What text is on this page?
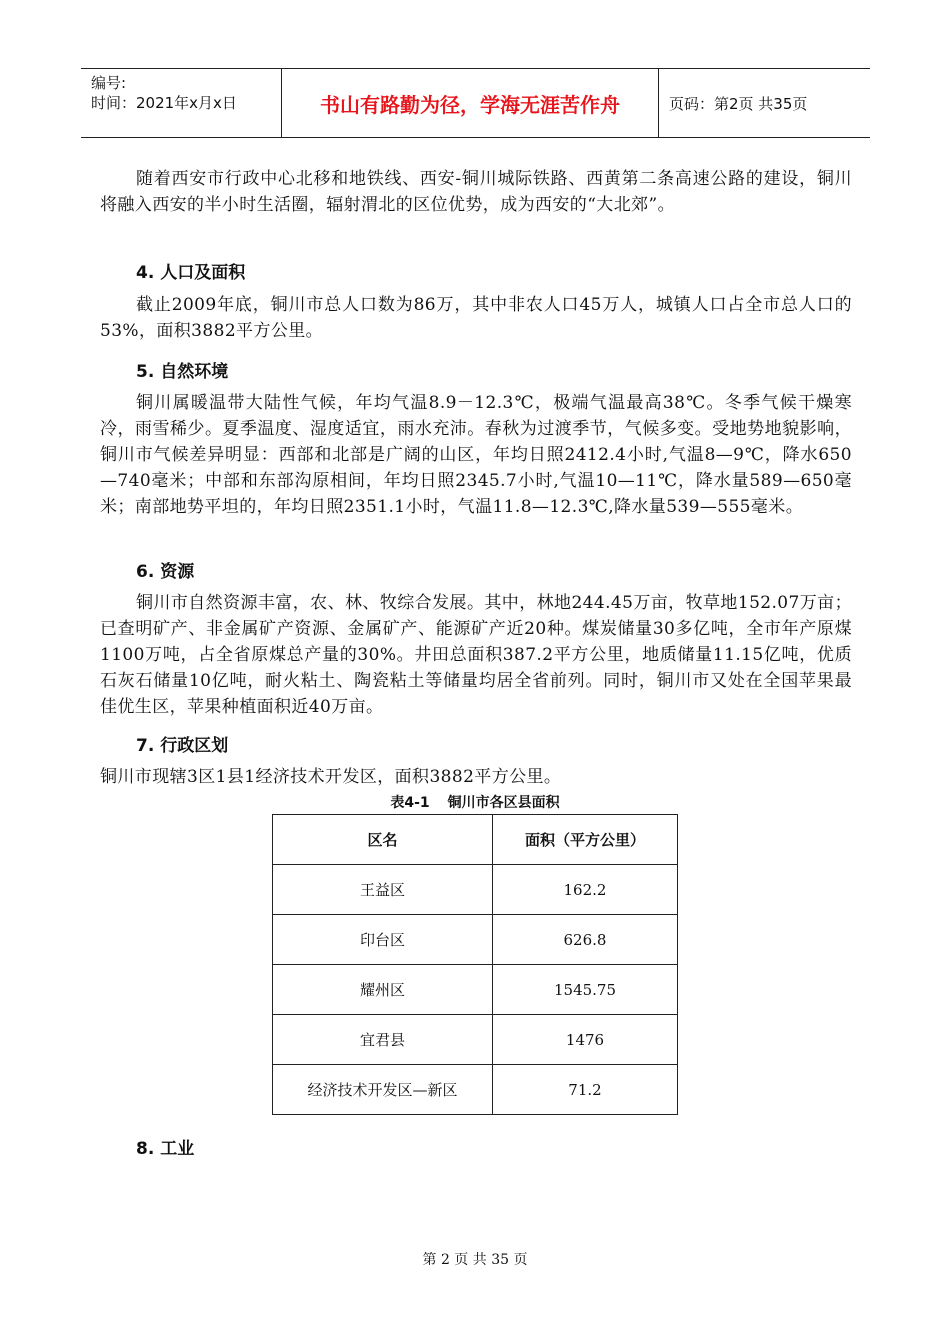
编号:
时间：2021年x月x日	书山有路勤为径，学海无涯苦作舟	页码：第2页 共35页
随着西安市行政中心北移和地铁线、西安-铜川城际铁路、西黄第二条高速公路的建设，铜川将融入西安的半小时生活圈，辐射渭北的区位优势，成为西安的“大北郊”。
4. 人口及面积
截止2009年底，铜川市总人口数为86万，其中非农人口45万人，城镇人口占全市总人口的53%，面积3882平方公里。
5. 自然环境
铜川属暖温带大陆性气候，年均气温8.9－12.3℃，极端气温最高38℃。冬季气候干燥寒冷，雨雪稀少。夏季温度、湿度适宜，雨水充沛。春秋为过渡季节，气候多变。受地势地貌影响，铜川市气候差异明显：西部和北部是广阔的山区，年均日照2412.4小时,气温8—9℃，降水650—740毫米；中部和东部沟原相间，年均日照2345.7小时,气温10—11℃，降水量589—650毫米；南部地势平坦的，年均日照2351.1小时，气温11.8—12.3℃,降水量539—555毫米。
6. 资源
铜川市自然资源丰富，农、林、牧综合发展。其中，林地244.45万亩，牧草地152.07万亩；已查明矿产、非金属矿产资源、金属矿产、能源矿产近20种。煤炭储量30多亿吨，全市年产原煤1100万吨，占全省原煤总产量的30%。井田总面积387.2平方公里，地质储量11.15亿吨，优质石灰石储量10亿吨，耐火粘土、陶瓷粘土等储量均居全省前列。同时，铜川市又处在全国苹果最佳优生区，苹果种植面积近40万亩。
7. 行政区划
铜川市现辖3区1县1经济技术开发区，面积3882平方公里。
表4-1 铜川市各区县面积
区名	面积（平方公里）
王益区	162.2
印台区	626.8
耀州区	1545.75
宜君县	1476
经济技术开发区—新区	71.2
8. 工业
第 2 页 共 35 页
